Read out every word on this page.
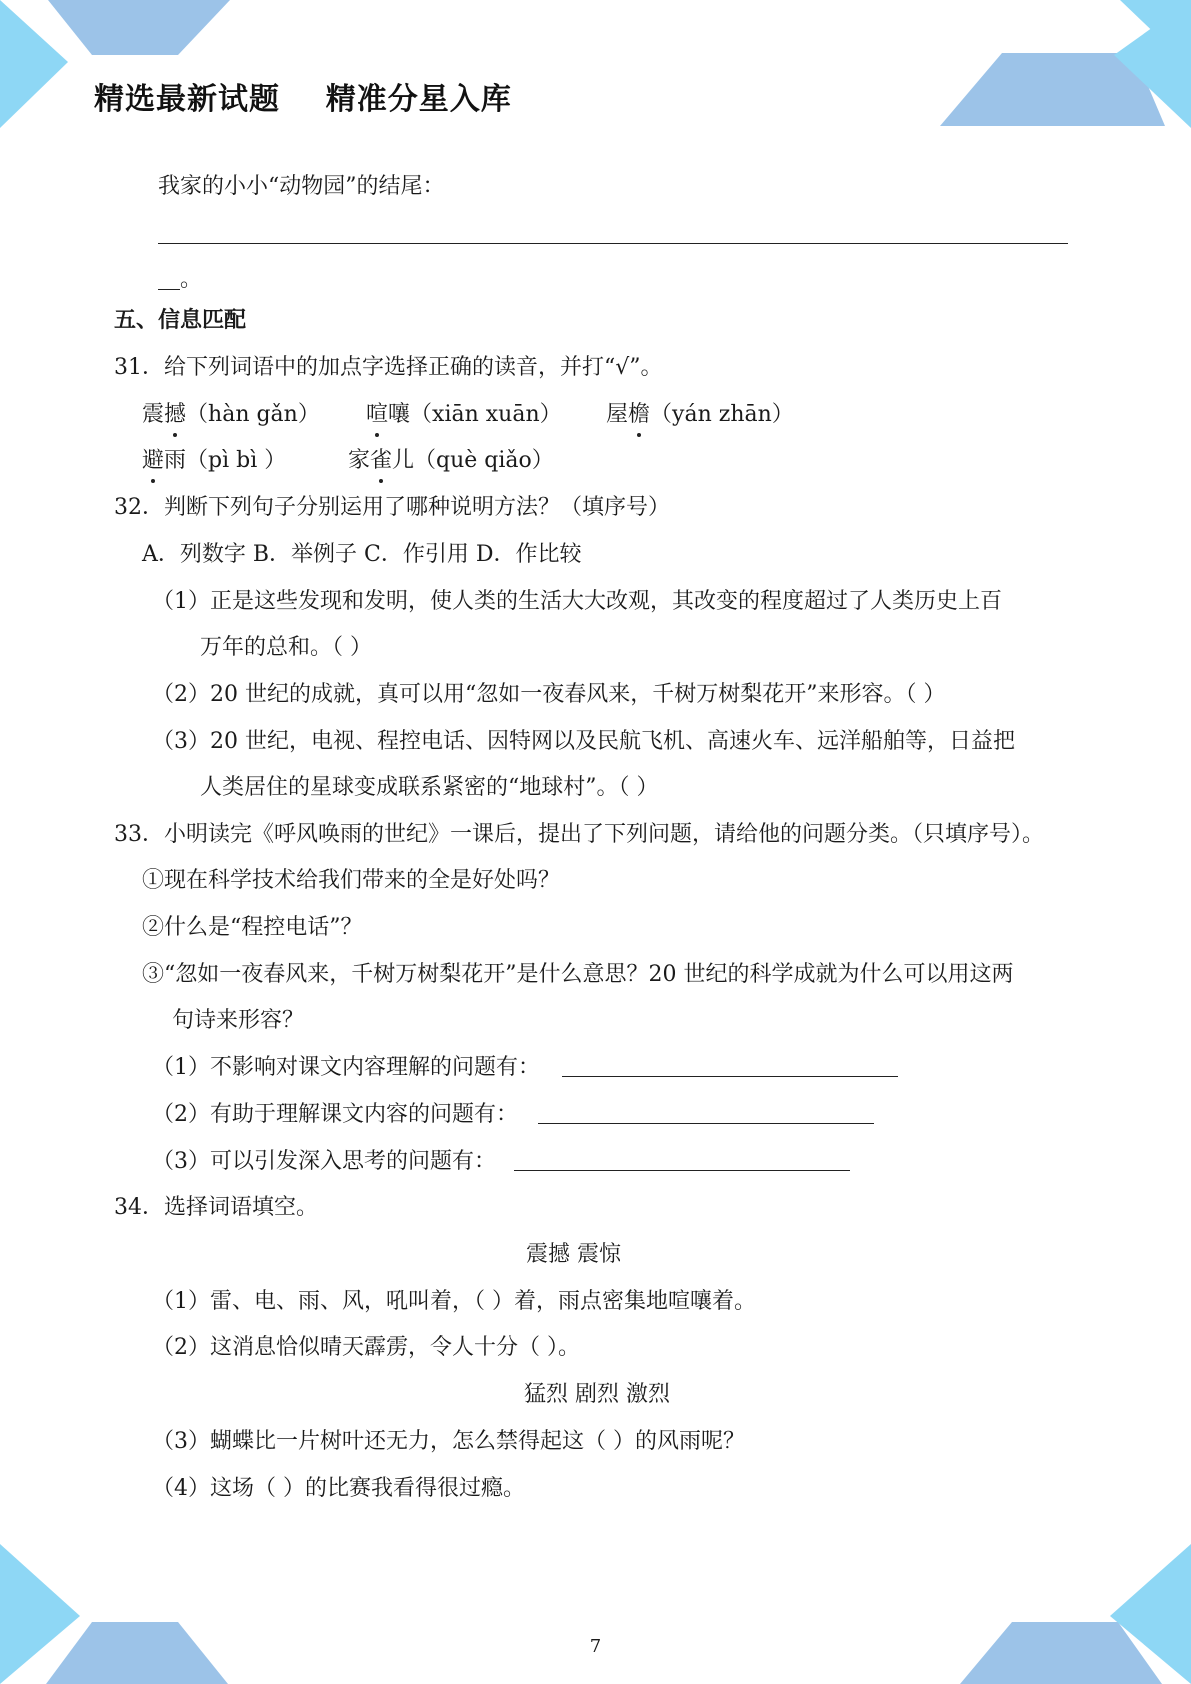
精选最新试题    精准分星入库
我家的小小“动物园”的结尾：
。
五、信息匹配
31．给下列词语中的加点字选择正确的读音，并打“√”。
震撼（hàn gǎn） 喧嚷（xiān xuān） 屋檐（yán zhān）
避雨（pì bì ）	家雀儿（què qiǎo）
32．判断下列句子分别运用了哪种说明方法？（填序号）
A．列数字 B．举例子 C．作引用 D．作比较
（1）正是这些发现和发明，使人类的生活大大改观，其改变的程度超过了人类历史上百
万年的总和。（ ）
（2）20 世纪的成就，真可以用“忽如一夜春风来，千树万树梨花开”来形容。（ ）
（3）20 世纪，电视、程控电话、因特网以及民航飞机、高速火车、远洋船舶等，日益把
人类居住的星球变成联系紧密的“地球村”。（ ）
33．小明读完《呼风唤雨的世纪》一课后，提出了下列问题，请给他的问题分类。（只填序号）。
①现在科学技术给我们带来的全是好处吗？
②什么是“程控电话”？
③“忽如一夜春风来，千树万树梨花开”是什么意思？20 世纪的科学成就为什么可以用这两
句诗来形容？
（1）不影响对课文内容理解的问题有：
（2）有助于理解课文内容的问题有：
（3）可以引发深入思考的问题有：
34．选择词语填空。
震撼 震惊
（1）雷、电、雨、风，吼叫着，（ ）着，雨点密集地喧嚷着。
（2）这消息恰似晴天霹雳，令人十分（ ）。
猛烈 剧烈 激烈
（3）蝴蝶比一片树叶还无力，怎么禁得起这（ ）的风雨呢？
（4）这场（ ）的比赛我看得很过瘾。
7
